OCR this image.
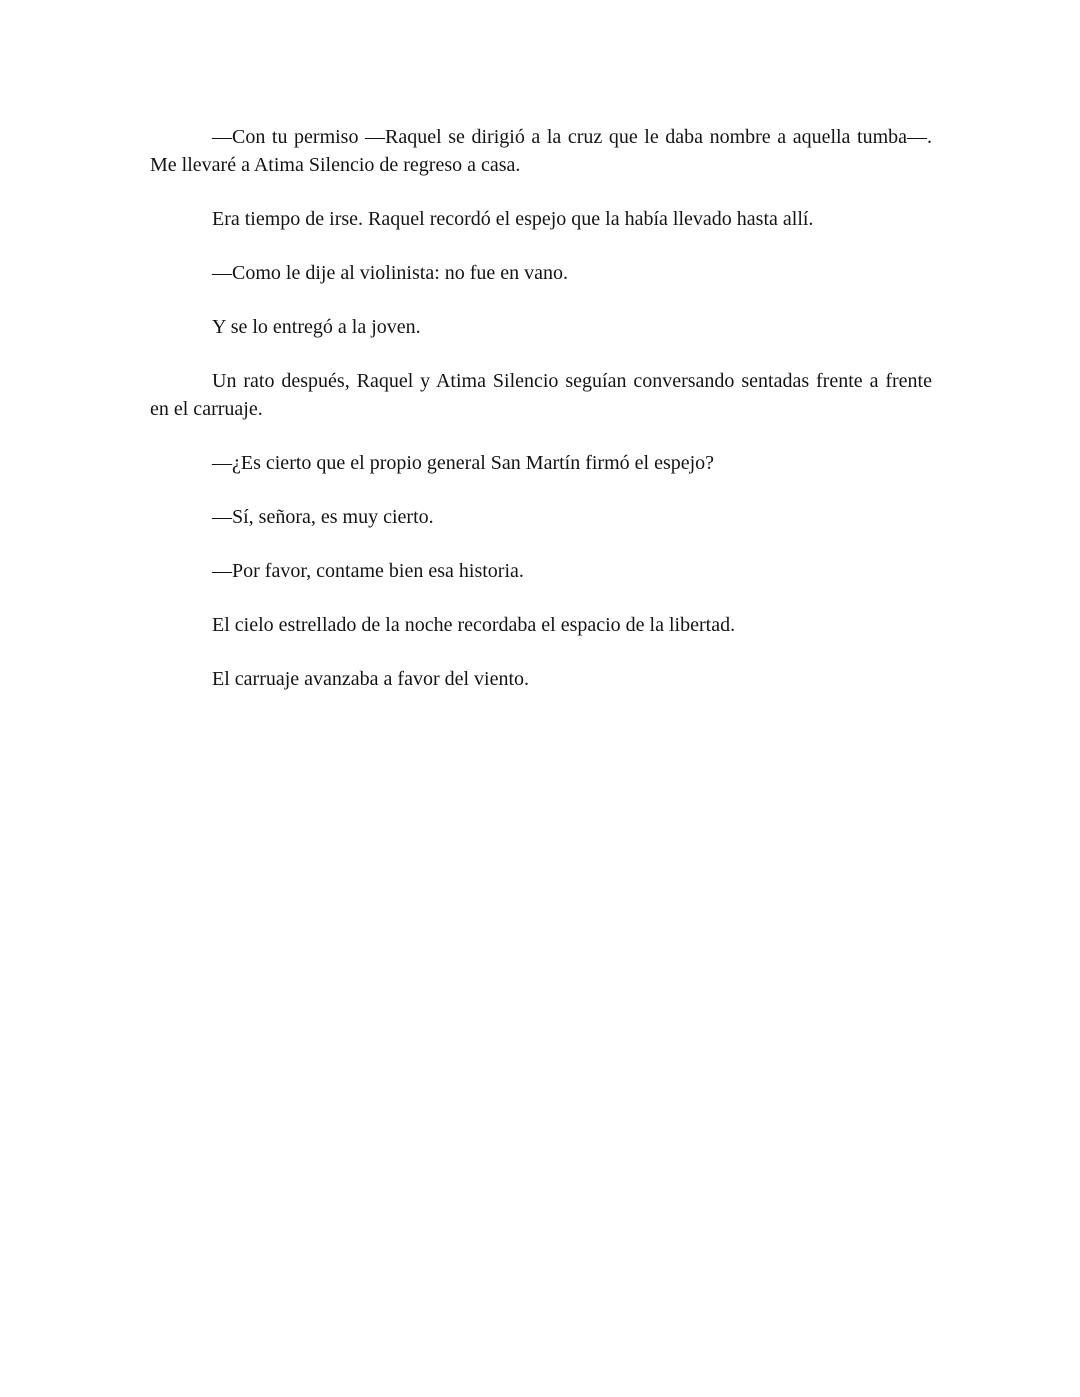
—Con tu permiso —Raquel se dirigió a la cruz que le daba nombre a aquella tumba—. Me llevaré a Atima Silencio de regreso a casa.

Era tiempo de irse. Raquel recordó el espejo que la había llevado hasta allí.

—Como le dije al violinista: no fue en vano.

Y se lo entregó a la joven.

Un rato después, Raquel y Atima Silencio seguían conversando sentadas frente a frente en el carruaje.

—¿Es cierto que el propio general San Martín firmó el espejo?

—Sí, señora, es muy cierto.

—Por favor, contame bien esa historia.

El cielo estrellado de la noche recordaba el espacio de la libertad.

El carruaje avanzaba a favor del viento.
